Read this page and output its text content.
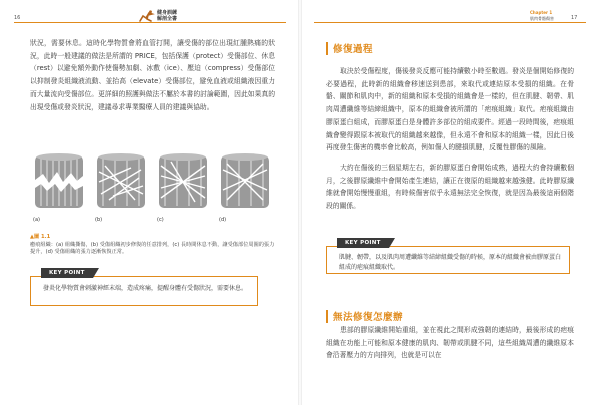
16
健身訓練
解剖全書

狀況，需要休息。這時化學物質會將血管打開，讓受傷的部位出現紅腫熱痛的狀況，此時一般建議的做法是所謂的 PRICE，包括保護（protect）受傷部位、休息（rest）以避免額外動作使傷勢加劇、冰敷（ice）、壓迫（compress）受傷部位以抑制發炎組織液流動、並抬高（elevate）受傷部位，避免血液或組織液因重力而大量流向受傷部位。更詳細的照護與做法不屬於本書的討論範圍，因此如果真的出現受傷或發炎狀況，建議尋求專業醫療人員的建議與協助。

(a)	(b)	(c)	(d)
▲圖 1.1
癒痕組織：(a) 組織撕傷，(b) 受傷組織初步修復的任意排列，(c) 長時間休息不動，讓受傷部位周圍的張力提升，(d) 受傷組織的張力逐漸恢復正常。
KEY POINT
發炎化學物質會刺激神經末端，造成疼痛，提醒身體有受傷狀況，需要休息。
Chapter 1
肌肉骨骼傷害	17
修復過程

取決於受傷程度，傷後發炎反應可能持續數小時至數週。發炎是個開始修復的必要過程，此時新的組織會移速送到患部，來取代或連結原本受損的組織。在骨骼、關節和肌肉中，新的組織和原本受損的組織會是一樣的，但在肌腱、韌帶、肌肉周遭纖維等結締組織中，原本的組織會被所謂的「疤痕組織」取代。疤痕組織由膠原蛋白組成，而膠原蛋白是身體許多部位的組成要件。經過一段時間後，疤痕組織會變得跟原本被取代的組織越來越像，但永遠不會和原本的組織一樣，因此日後再度發生傷害的機率會比較高，例如傷人的腱損肌腱，反覆性膠傷的風險。

大約在傷後的三個星期左右，新的膠原蛋白會開始成熟，過程大約會持續數個月，之後膠原纖維中會開始產生連結，讓正在復原的組織越來越強健。此時膠原纖維就會開始慢慢重組，有時候傷害似乎永遠無法完全恢復，就是因為最後這兩個階段的關係。

KEY POINT
肌腱、韌帶，以及肌肉周遭纖維等結締組織受傷的時候，原本的組織會被由膠原蛋白組成的疤痕組織取代。
無法修復怎麼辦

患部的膠原纖維開始重組，並在視此之間形成強韌的連結時，最後形成的疤痕組織在功能上可能和原本健康的肌肉、韌帶或肌腱不同，這些組織周遭的纖維原本會沿著壓力的方向排列，也就是可以在
